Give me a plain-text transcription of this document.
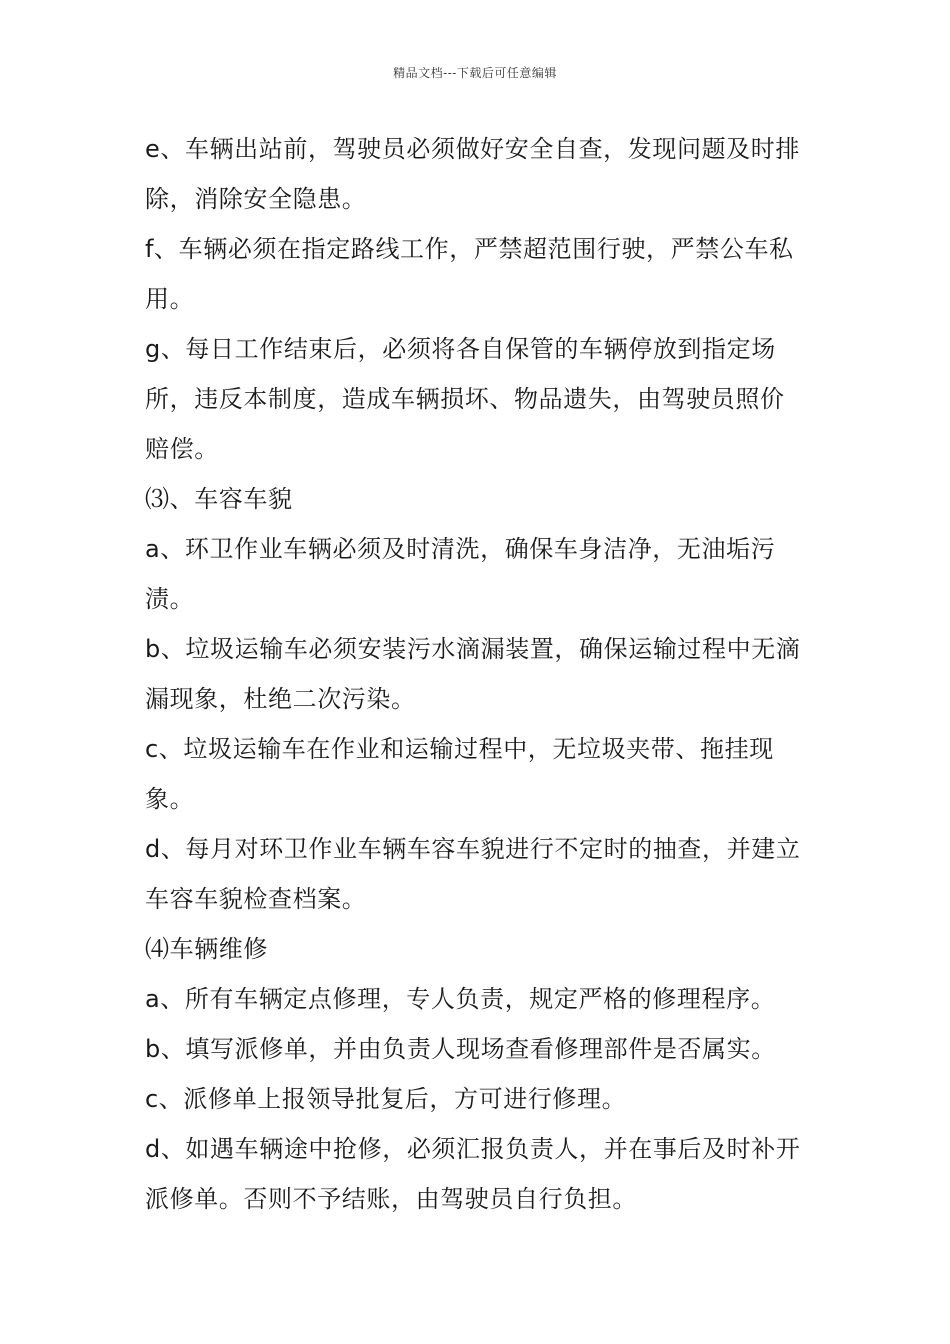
精品文档---下载后可任意编辑

e、车辆出站前，驾驶员必须做好安全自查，发现问题及时排除，消除安全隐患。

f、车辆必须在指定路线工作，严禁超范围行驶，严禁公车私用。

g、每日工作结束后，必须将各自保管的车辆停放到指定场所，违反本制度，造成车辆损坏、物品遗失，由驾驶员照价赔偿。

⑶、车容车貌

a、环卫作业车辆必须及时清洗，确保车身洁净，无油垢污渍。

b、垃圾运输车必须安装污水滴漏装置，确保运输过程中无滴漏现象，杜绝二次污染。

c、垃圾运输车在作业和运输过程中，无垃圾夹带、拖挂现象。

d、每月对环卫作业车辆车容车貌进行不定时的抽查，并建立车容车貌检查档案。

⑷车辆维修

a、所有车辆定点修理，专人负责，规定严格的修理程序。

b、填写派修单，并由负责人现场查看修理部件是否属实。

c、派修单上报领导批复后，方可进行修理。

d、如遇车辆途中抢修，必须汇报负责人，并在事后及时补开派修单。否则不予结账，由驾驶员自行负担。
